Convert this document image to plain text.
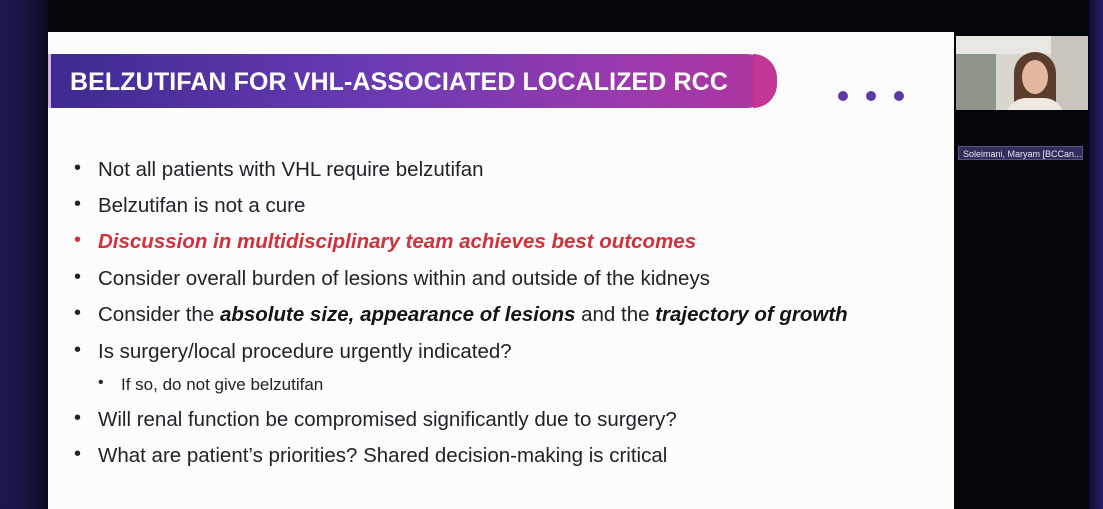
BELZUTIFAN FOR VHL-ASSOCIATED LOCALIZED RCC
• Not all patients with VHL require belzutifan
• Belzutifan is not a cure
• Discussion in multidisciplinary team achieves best outcomes
• Consider overall burden of lesions within and outside of the kidneys
• Consider the absolute size, appearance of lesions and the trajectory of growth
• Is surgery/local procedure urgently indicated?
• If so, do not give belzutifan
• Will renal function be compromised significantly due to surgery?
• What are patient’s priorities? Shared decision-making is critical
Soleimani, Maryam [BCCan...
